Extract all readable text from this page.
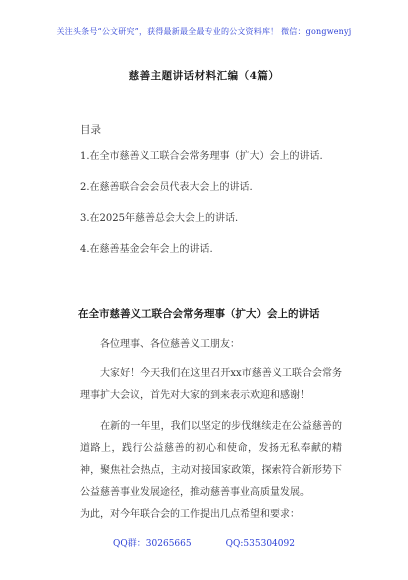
关注头条号“公文研究”，获得最新最全最专业的公文资料库！ 微信：gongwenyj
慈善主题讲话材料汇编（4篇）
目录
1.在全市慈善义工联合会常务理事（扩大）会上的讲话.
2.在慈善联合会会员代表大会上的讲话.
3.在2025年慈善总会大会上的讲话.
4.在慈善基金会年会上的讲话.
在全市慈善义工联合会常务理事（扩大）会上的讲话
各位理事、各位慈善义工朋友：
大家好！今天我们在这里召开xx市慈善义工联合会常务理事扩大会议，首先对大家的到来表示欢迎和感谢！
在新的一年里，我们以坚定的步伐继续走在公益慈善的道路上，践行公益慈善的初心和使命，发扬无私奉献的精神，聚焦社会热点，主动对接国家政策，探索符合新形势下公益慈善事业发展途径，推动慈善事业高质量发展。
为此，对今年联合会的工作提出几点希望和要求：
QQ群：30265665	QQ:535304092
